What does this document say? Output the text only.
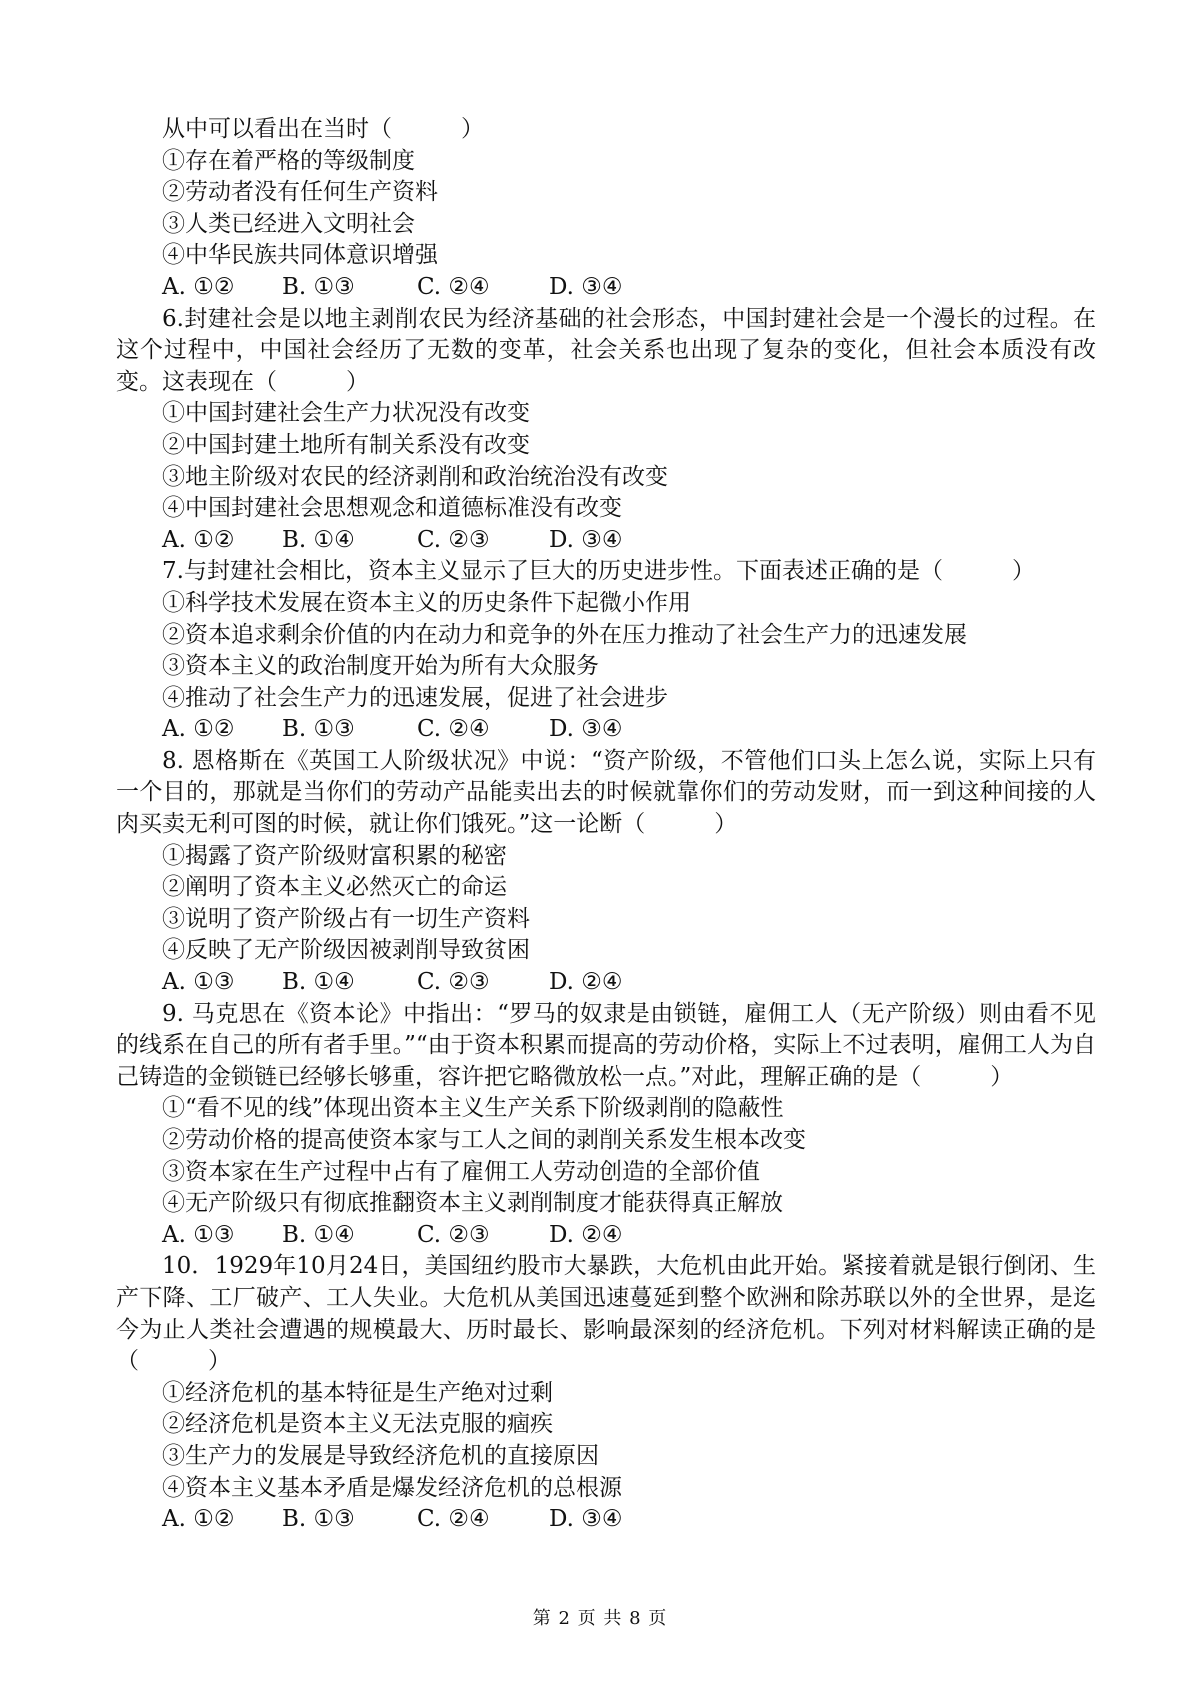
从中可以看出在当时（　　　）

①存在着严格的等级制度

②劳动者没有任何生产资料

③人类已经进入文明社会

④中华民族共同体意识增强

A. ①② B. ①③	C. ②④	D. ③④

6.封建社会是以地主剥削农民为经济基础的社会形态，中国封建社会是一个漫长的过程。在这个过程中，中国社会经历了无数的变革，社会关系也出现了复杂的变化，但社会本质没有改变。这表现在（　　　）

①中国封建社会生产力状况没有改变

②中国封建土地所有制关系没有改变

③地主阶级对农民的经济剥削和政治统治没有改变

④中国封建社会思想观念和道德标准没有改变

A. ①② B. ①④	C. ②③	D. ③④

7.与封建社会相比，资本主义显示了巨大的历史进步性。下面表述正确的是（　　　）

①科学技术发展在资本主义的历史条件下起微小作用

②资本追求剩余价值的内在动力和竞争的外在压力推动了社会生产力的迅速发展

③资本主义的政治制度开始为所有大众服务

④推动了社会生产力的迅速发展，促进了社会进步

A. ①② B. ①③	C. ②④	D. ③④

8. 恩格斯在《英国工人阶级状况》中说：“资产阶级，不管他们口头上怎么说，实际上只有一个目的，那就是当你们的劳动产品能卖出去的时候就靠你们的劳动发财，而一到这种间接的人肉买卖无利可图的时候，就让你们饿死。”这一论断（　　　）

①揭露了资产阶级财富积累的秘密

②阐明了资本主义必然灭亡的命运

③说明了资产阶级占有一切生产资料

④反映了无产阶级因被剥削导致贫困

A. ①③ B. ①④	C. ②③	D. ②④

9. 马克思在《资本论》中指出：“罗马的奴隶是由锁链，雇佣工人（无产阶级）则由看不见的线系在自己的所有者手里。”“由于资本积累而提高的劳动价格，实际上不过表明，雇佣工人为自己铸造的金锁链已经够长够重，容许把它略微放松一点。”对此，理解正确的是（　　　）

①“看不见的线”体现出资本主义生产关系下阶级剥削的隐蔽性

②劳动价格的提高使资本家与工人之间的剥削关系发生根本改变

③资本家在生产过程中占有了雇佣工人劳动创造的全部价值

④无产阶级只有彻底推翻资本主义剥削制度才能获得真正解放

A. ①③ B. ①④	C. ②③	D. ②④

10．1929年10月24日，美国纽约股市大暴跌，大危机由此开始。紧接着就是银行倒闭、生产下降、工厂破产、工人失业。大危机从美国迅速蔓延到整个欧洲和除苏联以外的全世界，是迄今为止人类社会遭遇的规模最大、历时最长、影响最深刻的经济危机。下列对材料解读正确的是（　　　）

①经济危机的基本特征是生产绝对过剩

②经济危机是资本主义无法克服的痼疾

③生产力的发展是导致经济危机的直接原因

④资本主义基本矛盾是爆发经济危机的总根源

A. ①② B. ①③	C. ②④	D. ③④

第 2 页 共 8 页
